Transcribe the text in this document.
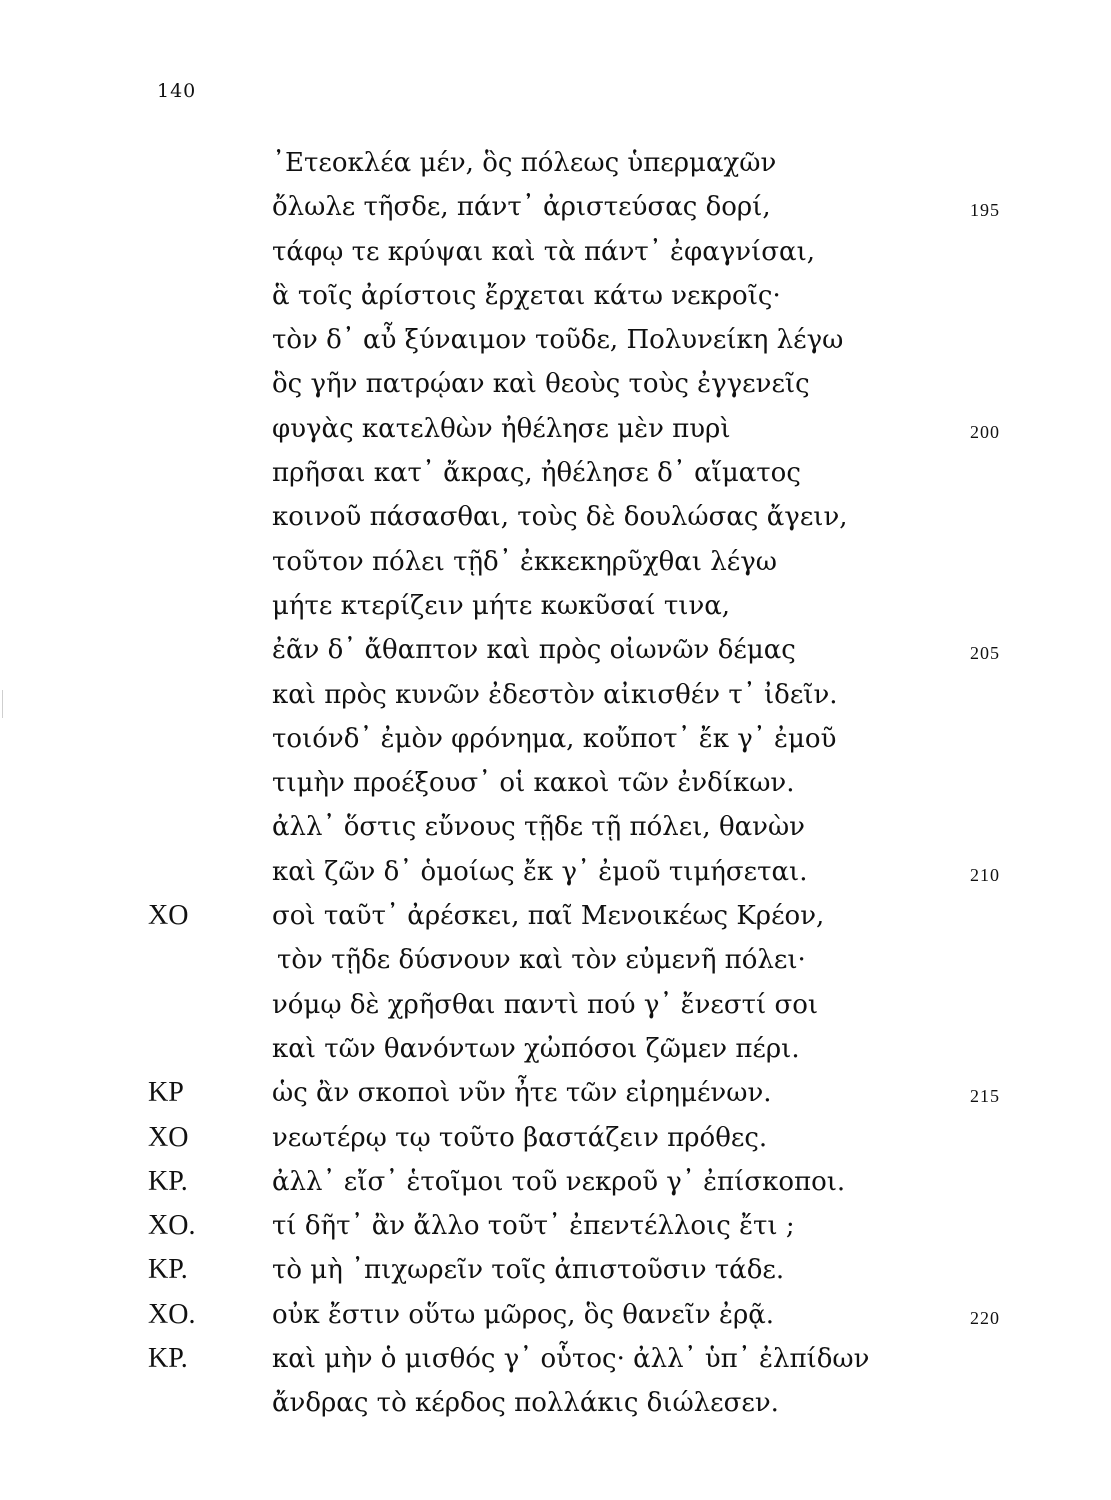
140
᾿Ετεοκλέα μέν, ὃς πόλεως ὑπερμαχῶν
ὄλωλε τῆσδε, πάντ᾿ ἀριστεύσας δορί,	195
τάφῳ τε κρύψαι καὶ τὰ πάντ᾿ ἐφαγνίσαι,
ἃ τοῖς ἀρίστοις ἔρχεται κάτω νεκροῖς·
τὸν δ᾿ αὖ ξύναιμον τοῦδε, Πολυνείκη λέγω
ὃς γῆν πατρῴαν καὶ θεοὺς τοὺς ἐγγενεῖς
φυγὰς κατελθὼν ἠθέλησε μὲν πυρὶ	200
πρῆσαι κατ᾿ ἄκρας, ἠθέλησε δ᾿ αἵματος
κοινοῦ πάσασθαι, τοὺς δὲ δουλώσας ἄγειν,
τοῦτον πόλει τῇδ᾿ ἐκκεκηρῦχθαι λέγω
μήτε κτερίζειν μήτε κωκῦσαί τινα,
ἐᾶν δ᾿ ἄθαπτον καὶ πρὸς οἰωνῶν δέμας	205
καὶ πρὸς κυνῶν ἐδεστὸν αἰκισθέν τ᾿ ἰδεῖν.
τοιόνδ᾿ ἐμὸν φρόνημα, κοὔποτ᾿ ἔκ γ᾿ ἐμοῦ
τιμὴν προέξουσ᾿ οἱ κακοὶ τῶν ἐνδίκων.
ἀλλ᾿ ὅστις εὔνους τῇδε τῇ πόλει, θανὼν
καὶ ζῶν δ᾿ ὁμοίως ἔκ γ᾿ ἐμοῦ τιμήσεται.	210
ΧΟ	σοὶ ταῦτ᾿ ἀρέσκει, παῖ Μενοικέως Κρέον,
τὸν τῇδε δύσνουν καὶ τὸν εὐμενῆ πόλει·
νόμῳ δὲ χρῆσθαι παντὶ πού γ᾿ ἔνεστί σοι
καὶ τῶν θανόντων χὠπόσοι ζῶμεν πέρι.
ΚΡ	ὡς ἂν σκοποὶ νῦν ἦτε τῶν εἰρημένων.	215
ΧΟ	νεωτέρῳ τῳ τοῦτο βαστάζειν πρόθες.
ΚΡ.	ἀλλ᾿ εἴσ᾿ ἑτοῖμοι τοῦ νεκροῦ γ᾿ ἐπίσκοποι.
ΧΟ.	τί δῆτ᾿ ἂν ἄλλο τοῦτ᾿ ἐπεντέλλοις ἔτι ;
ΚΡ.	τὸ μὴ ᾿πιχωρεῖν τοῖς ἀπιστοῦσιν τάδε.
ΧΟ.	οὐκ ἔστιν οὕτω μῶρος, ὃς θανεῖν ἐρᾷ.	220
ΚΡ.	καὶ μὴν ὁ μισθός γ᾿ οὗτος· ἀλλ᾿ ὑπ᾿ ἐλπίδων
ἄνδρας τὸ κέρδος πολλάκις διώλεσεν.
